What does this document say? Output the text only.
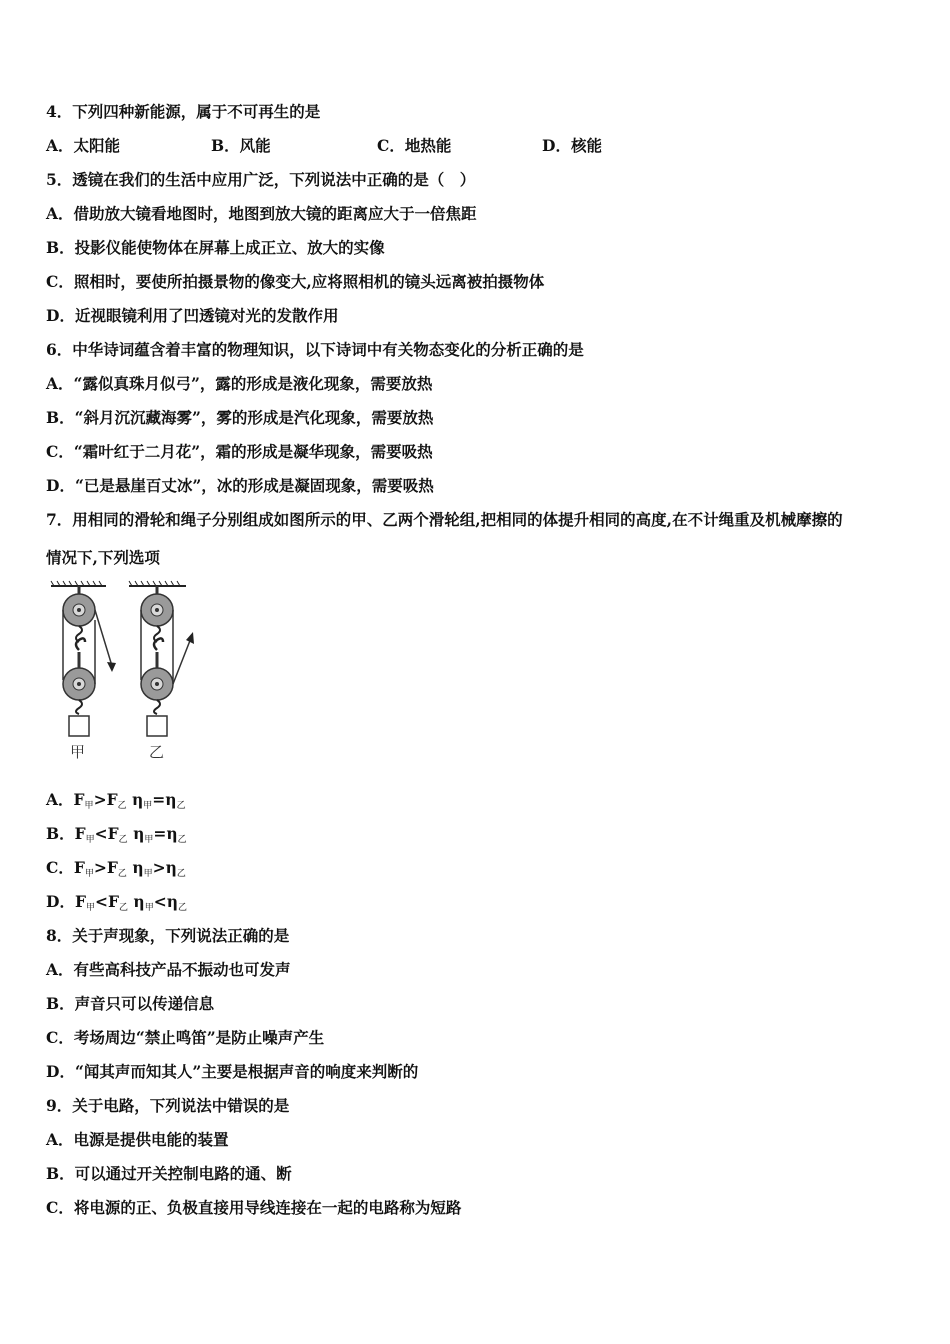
4．下列四种新能源，属于不可再生的是
A．太阳能	B．风能	C．地热能	D．核能
5．透镜在我们的生活中应用广泛，下列说法中正确的是（　）
A．借助放大镜看地图时，地图到放大镜的距离应大于一倍焦距
B．投影仪能使物体在屏幕上成正立、放大的实像
C．照相时，要使所拍摄景物的像变大,应将照相机的镜头远离被拍摄物体
D．近视眼镜利用了凹透镜对光的发散作用
6．中华诗词蕴含着丰富的物理知识，以下诗词中有关物态变化的分析正确的是
A．“露似真珠月似弓”，露的形成是液化现象，需要放热
B．“斜月沉沉藏海雾”，雾的形成是汽化现象，需要放热
C．“霜叶红于二月花”，霜的形成是凝华现象，需要吸热
D．“已是悬崖百丈冰”，冰的形成是凝固现象，需要吸热
7．用相同的滑轮和绳子分别组成如图所示的甲、乙两个滑轮组,把相同的体提升相同的高度,在不计绳重及机械摩擦的
情况下,下列选项
甲	乙
A．F甲>F乙 η甲=η乙
B．F甲<F乙 η甲=η乙
C．F甲>F乙 η甲>η乙
D．F甲<F乙 η甲<η乙
8．关于声现象，下列说法正确的是
A．有些高科技产品不振动也可发声
B．声音只可以传递信息
C．考场周边“禁止鸣笛”是防止噪声产生
D．“闻其声而知其人”主要是根据声音的响度来判断的
9．关于电路，下列说法中错误的是
A．电源是提供电能的装置
B．可以通过开关控制电路的通、断
C．将电源的正、负极直接用导线连接在一起的电路称为短路
